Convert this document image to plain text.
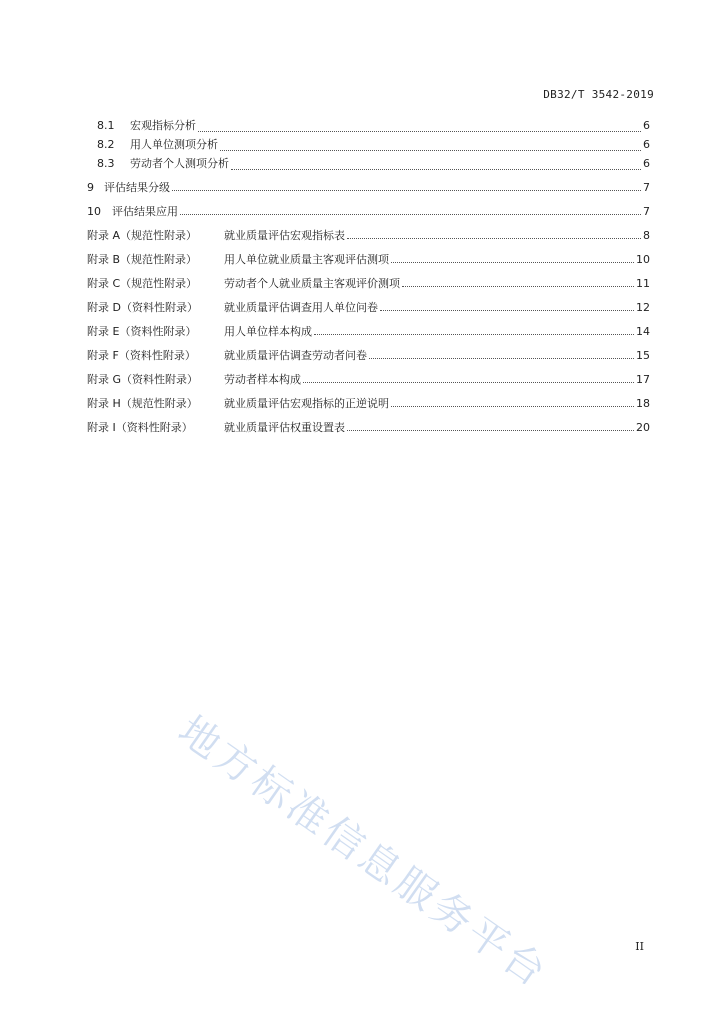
DB32/T 3542-2019
8.1	宏观指标分析	6
8.2	用人单位测项分析	6
8.3	劳动者个人测项分析	6
9 评估结果分级	7
10	评估结果应用	7
附录 A（规范性附录）	就业质量评估宏观指标表	8
附录 B（规范性附录）	用人单位就业质量主客观评估测项	10
附录 C（规范性附录）	劳动者个人就业质量主客观评价测项	11
附录 D（资料性附录）	就业质量评估调查用人单位问卷	12
附录 E（资料性附录）	用人单位样本构成	14
附录 F（资料性附录）	就业质量评估调查劳动者问卷	15
附录 G（资料性附录）	劳动者样本构成	17
附录 H（规范性附录）	就业质量评估宏观指标的正逆说明	18
附录 I（资料性附录）	就业质量评估权重设置表	20
地方标准信息服务平台	II
